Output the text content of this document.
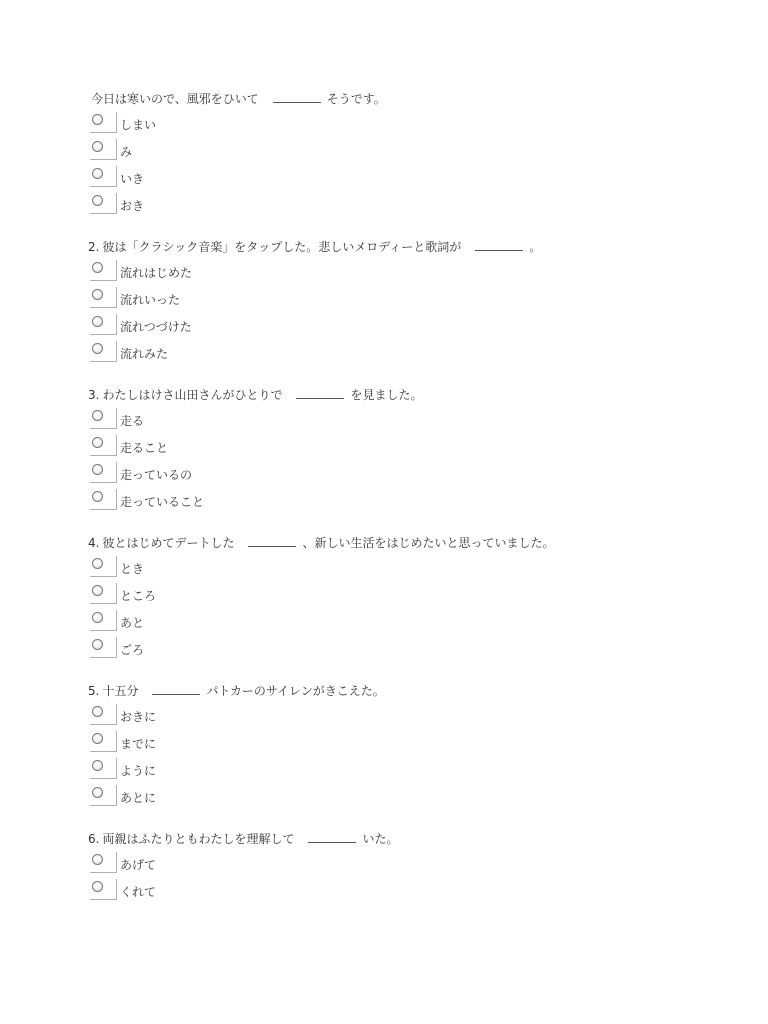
今日は寒いので、風邪をひいて	そうです。
しまい
み
いき
おき
2. 彼は「クラシック音楽」をタップした。悲しいメロディーと歌詞が	。
流れはじめた
流れいった
流れつづけた
流れみた
3. わたしはけさ山田さんがひとりで	を見ました。
走る
走ること
走っているの
走っていること
4. 彼とはじめてデートした	、新しい生活をはじめたいと思っていました。
とき
ところ
あと
ごろ
5. 十五分	パトカーのサイレンがきこえた。
おきに
までに
ように
あとに
6. 両親はふたりともわたしを理解して	いた。
あげて
くれて
